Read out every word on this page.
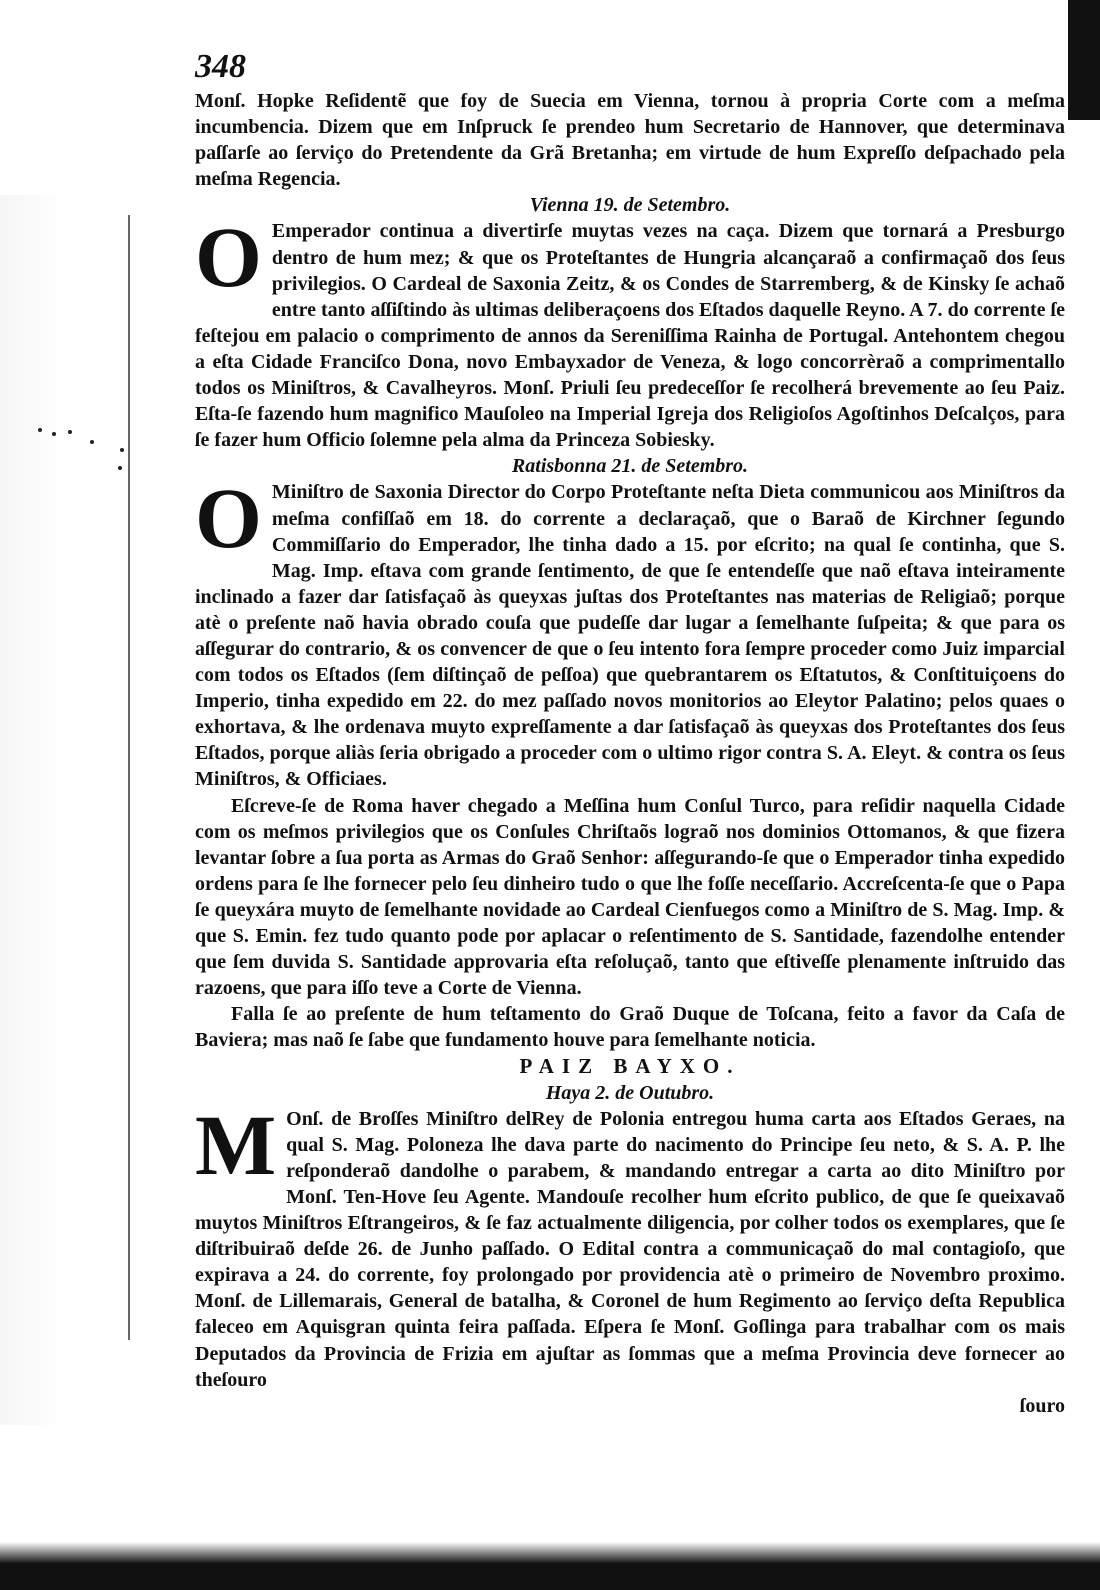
348

Monſ. Hopke Reſidentẽ que foy de Suecia em Vienna, tornou à propria Corte com a meſma incumbencia. Dizem que em Inſpruck ſe prendeo hum Secretario de Hannover, que determinava paſſarſe ao ſerviço do Pretendente da Grã Bretanha; em virtude de hum Expreſſo deſpachado pela meſma Regencia.

Vienna 19. de Setembro.

O Emperador continua a divertirſe muytas vezes na caça. Dizem que tornará a Presburgo dentro de hum mez; & que os Proteſtantes de Hungria alcançaraõ a confirmaçaõ dos ſeus privilegios. O Cardeal de Saxonia Zeitz, & os Condes de Starremberg, & de Kinsky ſe achaõ entre tanto aſſiſtindo às ultimas deliberaçoens dos Eſtados daquelle Reyno. A 7. do corrente ſe feſtejou em palacio o comprimento de annos da Sereniſſima Rainha de Portugal. Antehontem chegou a eſta Cidade Franciſco Dona, novo Embayxador de Veneza, & logo concorrèraõ a comprimentallo todos os Miniſtros, & Cavalheyros. Monſ. Priuli ſeu predeceſſor ſe recolherá brevemente ao ſeu Paiz. Eſta-ſe fazendo hum magnifico Mauſoleo na Imperial Igreja dos Religioſos Agoſtinhos Deſcalços, para ſe fazer hum Officio ſolemne pela alma da Princeza Sobiesky.

Ratisbonna 21. de Setembro.

O Miniſtro de Saxonia Director do Corpo Proteſtante neſta Dieta communicou aos Miniſtros da meſma confiſſaõ em 18. do corrente a declaraçaõ, que o Baraõ de Kirchner ſegundo Commiſſario do Emperador, lhe tinha dado a 15. por eſcrito; na qual ſe continha, que S. Mag. Imp. eſtava com grande ſentimento, de que ſe entendeſſe que naõ eſtava inteiramente inclinado a fazer dar ſatisfaçaõ às queyxas juſtas dos Proteſtantes nas materias de Religiaõ; porque atè o preſente naõ havia obrado couſa que pudeſſe dar lugar a ſemelhante ſuſpeita; & que para os aſſegurar do contrario, & os convencer de que o ſeu intento fora ſempre proceder como Juiz imparcial com todos os Eſtados (ſem diſtinçaõ de peſſoa) que quebrantarem os Eſtatutos, & Conſtituiçoens do Imperio, tinha expedido em 22. do mez paſſado novos monitorios ao Eleytor Palatino; pelos quaes o exhortava, & lhe ordenava muyto expreſſamente a dar ſatisfaçaõ às queyxas dos Proteſtantes dos ſeus Eſtados, porque aliàs ſeria obrigado a proceder com o ultimo rigor contra S. A. Eleyt. & contra os ſeus Miniſtros, & Officiaes.

Eſcreve-ſe de Roma haver chegado a Meſſina hum Conſul Turco, para reſidir naquella Cidade com os meſmos privilegios que os Conſules Chriſtaõs lograõ nos dominios Ottomanos, & que fizera levantar ſobre a ſua porta as Armas do Graõ Senhor: aſſegurando-ſe que o Emperador tinha expedido ordens para ſe lhe fornecer pelo ſeu dinheiro tudo o que lhe foſſe neceſſario. Accreſcenta-ſe que o Papa ſe queyxára muyto de ſemelhante novidade ao Cardeal Cienfuegos como a Miniſtro de S. Mag. Imp. & que S. Emin. fez tudo quanto pode por aplacar o reſentimento de S. Santidade, fazendolhe entender que ſem duvida S. Santidade approvaria eſta reſoluçaõ, tanto que eſtiveſſe plenamente inſtruido das razoens, que para iſſo teve a Corte de Vienna.

Falla ſe ao preſente de hum teſtamento do Graõ Duque de Toſcana, feito a favor da Caſa de Baviera; mas naõ ſe ſabe que fundamento houve para ſemelhante noticia.

PAIZ BAYXO.

Haya 2. de Outubro.

M Onſ. de Broſſes Miniſtro delRey de Polonia entregou huma carta aos Eſtados Geraes, na qual S. Mag. Poloneza lhe dava parte do nacimento do Principe ſeu neto, & S. A. P. lhe reſponderaõ dandolhe o parabem, & mandando entregar a carta ao dito Miniſtro por Monſ. Ten-Hove ſeu Agente. Mandouſe recolher hum eſcrito publico, de que ſe queixavaõ muytos Miniſtros Eſtrangeiros, & ſe faz actualmente diligencia, por colher todos os exemplares, que ſe diſtribuiraõ deſde 26. de Junho paſſado. O Edital contra a communicaçaõ do mal contagioſo, que expirava a 24. do corrente, foy prolongado por providencia atè o primeiro de Novembro proximo. Monſ. de Lillemarais, General de batalha, & Coronel de hum Regimento ao ſerviço deſta Republica faleceo em Aquisgran quinta feira paſſada. Eſpera ſe Monſ. Goſlinga para trabalhar com os mais Deputados da Provincia de Frizia em ajuſtar as ſommas que a meſma Provincia deve fornecer ao theſouro

ſouro
